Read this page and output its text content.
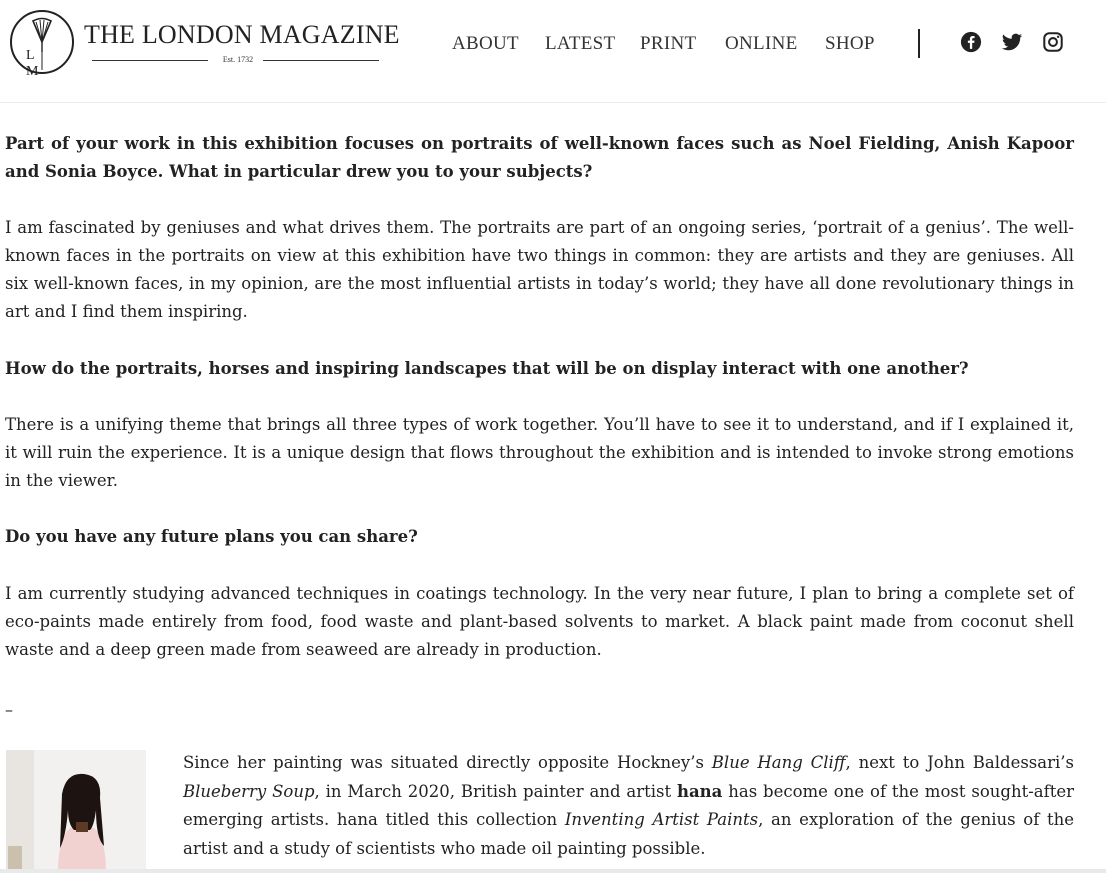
L M
THE LONDON MAGAZINE
Est. 1732
ABOUT LATEST PRINT ONLINE SHOP

Part of your work in this exhibition focuses on portraits of well-known faces such as Noel Fielding, Anish Kapoor and Sonia Boyce. What in particular drew you to your subjects?

I am fascinated by geniuses and what drives them. The portraits are part of an ongoing series, ‘portrait of a genius’. The well-known faces in the portraits on view at this exhibition have two things in common: they are artists and they are geniuses. All six well-known faces, in my opinion, are the most influential artists in today’s world; they have all done revolutionary things in art and I find them inspiring.

How do the portraits, horses and inspiring landscapes that will be on display interact with one another?

There is a unifying theme that brings all three types of work together. You’ll have to see it to understand, and if I explained it, it will ruin the experience. It is a unique design that flows throughout the exhibition and is intended to invoke strong emotions in the viewer.

Do you have any future plans you can share?

I am currently studying advanced techniques in coatings technology. In the very near future, I plan to bring a complete set of eco-paints made entirely from food, food waste and plant-based solvents to market. A black paint made from coconut shell waste and a deep green made from seaweed are already in production.

–
Since her painting was situated directly opposite Hockney’s Blue Hang Cliff, next to John Baldessari’s Blueberry Soup, in March 2020, British painter and artist hana has become one of the most sought-after emerging artists. hana titled this collection Inventing Artist Paints, an exploration of the genius of the artist and a study of scientists who made oil painting possible.
